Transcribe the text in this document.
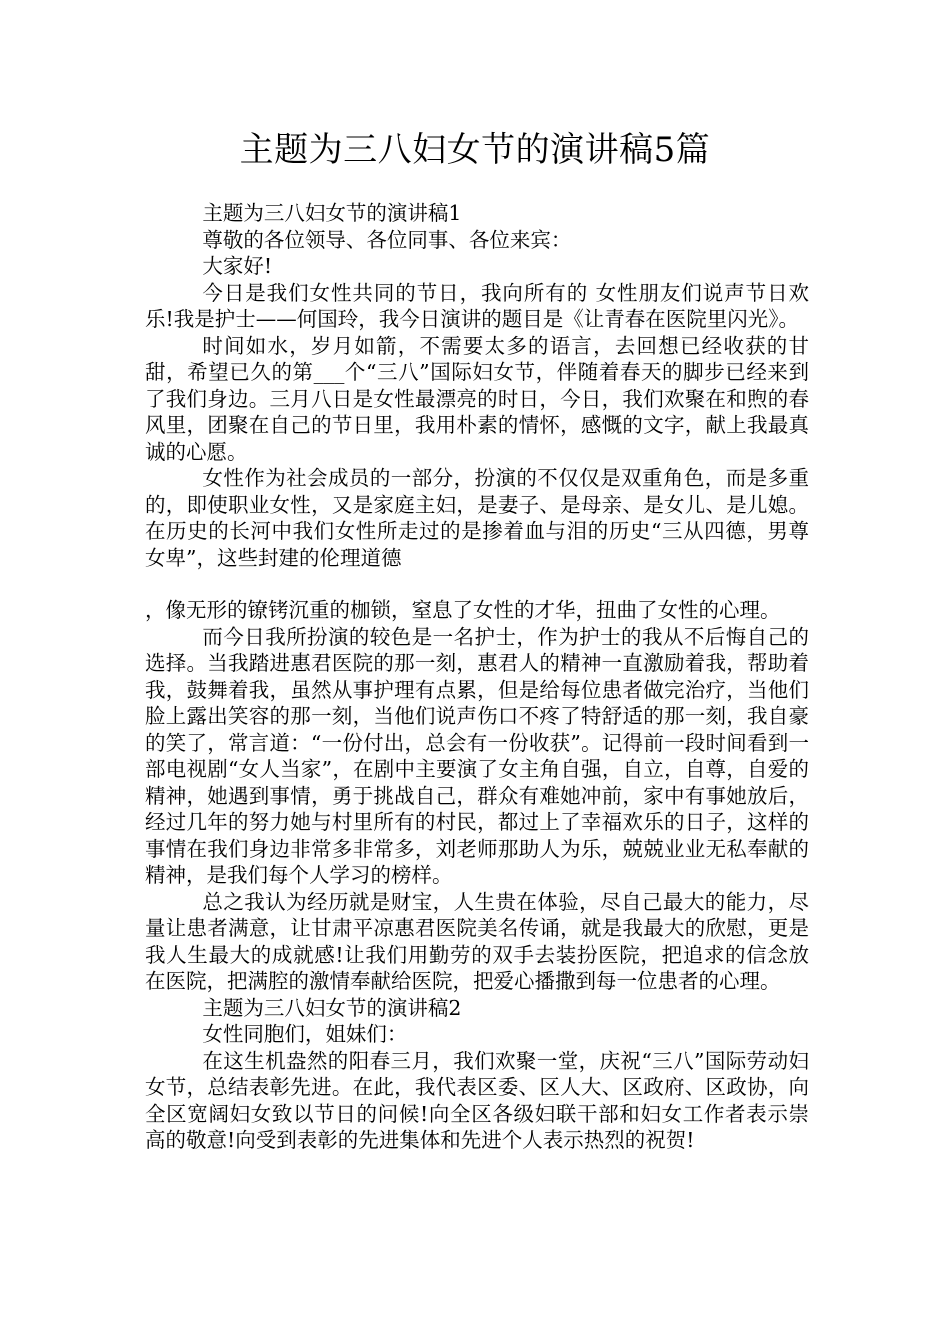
主题为三八妇女节的演讲稿5篇

主题为三八妇女节的演讲稿1

尊敬的各位领导、各位同事、各位来宾：

大家好!

今日是我们女性共同的节日，我向所有的 女性朋友们说声节日欢乐!我是护士——何国玲，我今日演讲的题目是《让青春在医院里闪光》。

时间如水，岁月如箭，不需要太多的语言，去回想已经收获的甘甜，希望已久的第___个“三八”国际妇女节，伴随着春天的脚步已经来到了我们身边。三月八日是女性最漂亮的时日，今日，我们欢聚在和煦的春风里，团聚在自己的节日里，我用朴素的情怀，感慨的文字，献上我最真诚的心愿。

女性作为社会成员的一部分，扮演的不仅仅是双重角色，而是多重的，即使职业女性，又是家庭主妇，是妻子、是母亲、是女儿、是儿媳。在历史的长河中我们女性所走过的是掺着血与泪的历史“三从四德，男尊女卑”，这些封建的伦理道德

，像无形的镣铐沉重的枷锁，窒息了女性的才华，扭曲了女性的心理。

而今日我所扮演的较色是一名护士，作为护士的我从不后悔自己的选择。当我踏进惠君医院的那一刻，惠君人的精神一直激励着我，帮助着我，鼓舞着我，虽然从事护理有点累，但是给每位患者做完治疗，当他们脸上露出笑容的那一刻，当他们说声伤口不疼了特舒适的那一刻，我自豪的笑了，常言道：“一份付出，总会有一份收获”。记得前一段时间看到一部电视剧“女人当家”，在剧中主要演了女主角自强，自立，自尊，自爱的精神，她遇到事情，勇于挑战自己，群众有难她冲前，家中有事她放后，经过几年的努力她与村里所有的村民，都过上了幸福欢乐的日子，这样的事情在我们身边非常多非常多，刘老师那助人为乐，兢兢业业无私奉献的精神，是我们每个人学习的榜样。

总之我认为经历就是财宝，人生贵在体验，尽自己最大的能力，尽量让患者满意，让甘肃平凉惠君医院美名传诵，就是我最大的欣慰，更是我人生最大的成就感!让我们用勤劳的双手去装扮医院，把追求的信念放在医院，把满腔的激情奉献给医院，把爱心播撒到每一位患者的心理。

主题为三八妇女节的演讲稿2

女性同胞们，姐妹们：

在这生机盎然的阳春三月，我们欢聚一堂，庆祝“三八”国际劳动妇女节，总结表彰先进。在此，我代表区委、区人大、区政府、区政协，向全区宽阔妇女致以节日的问候!向全区各级妇联干部和妇女工作者表示崇高的敬意!向受到表彰的先进集体和先进个人表示热烈的祝贺!
